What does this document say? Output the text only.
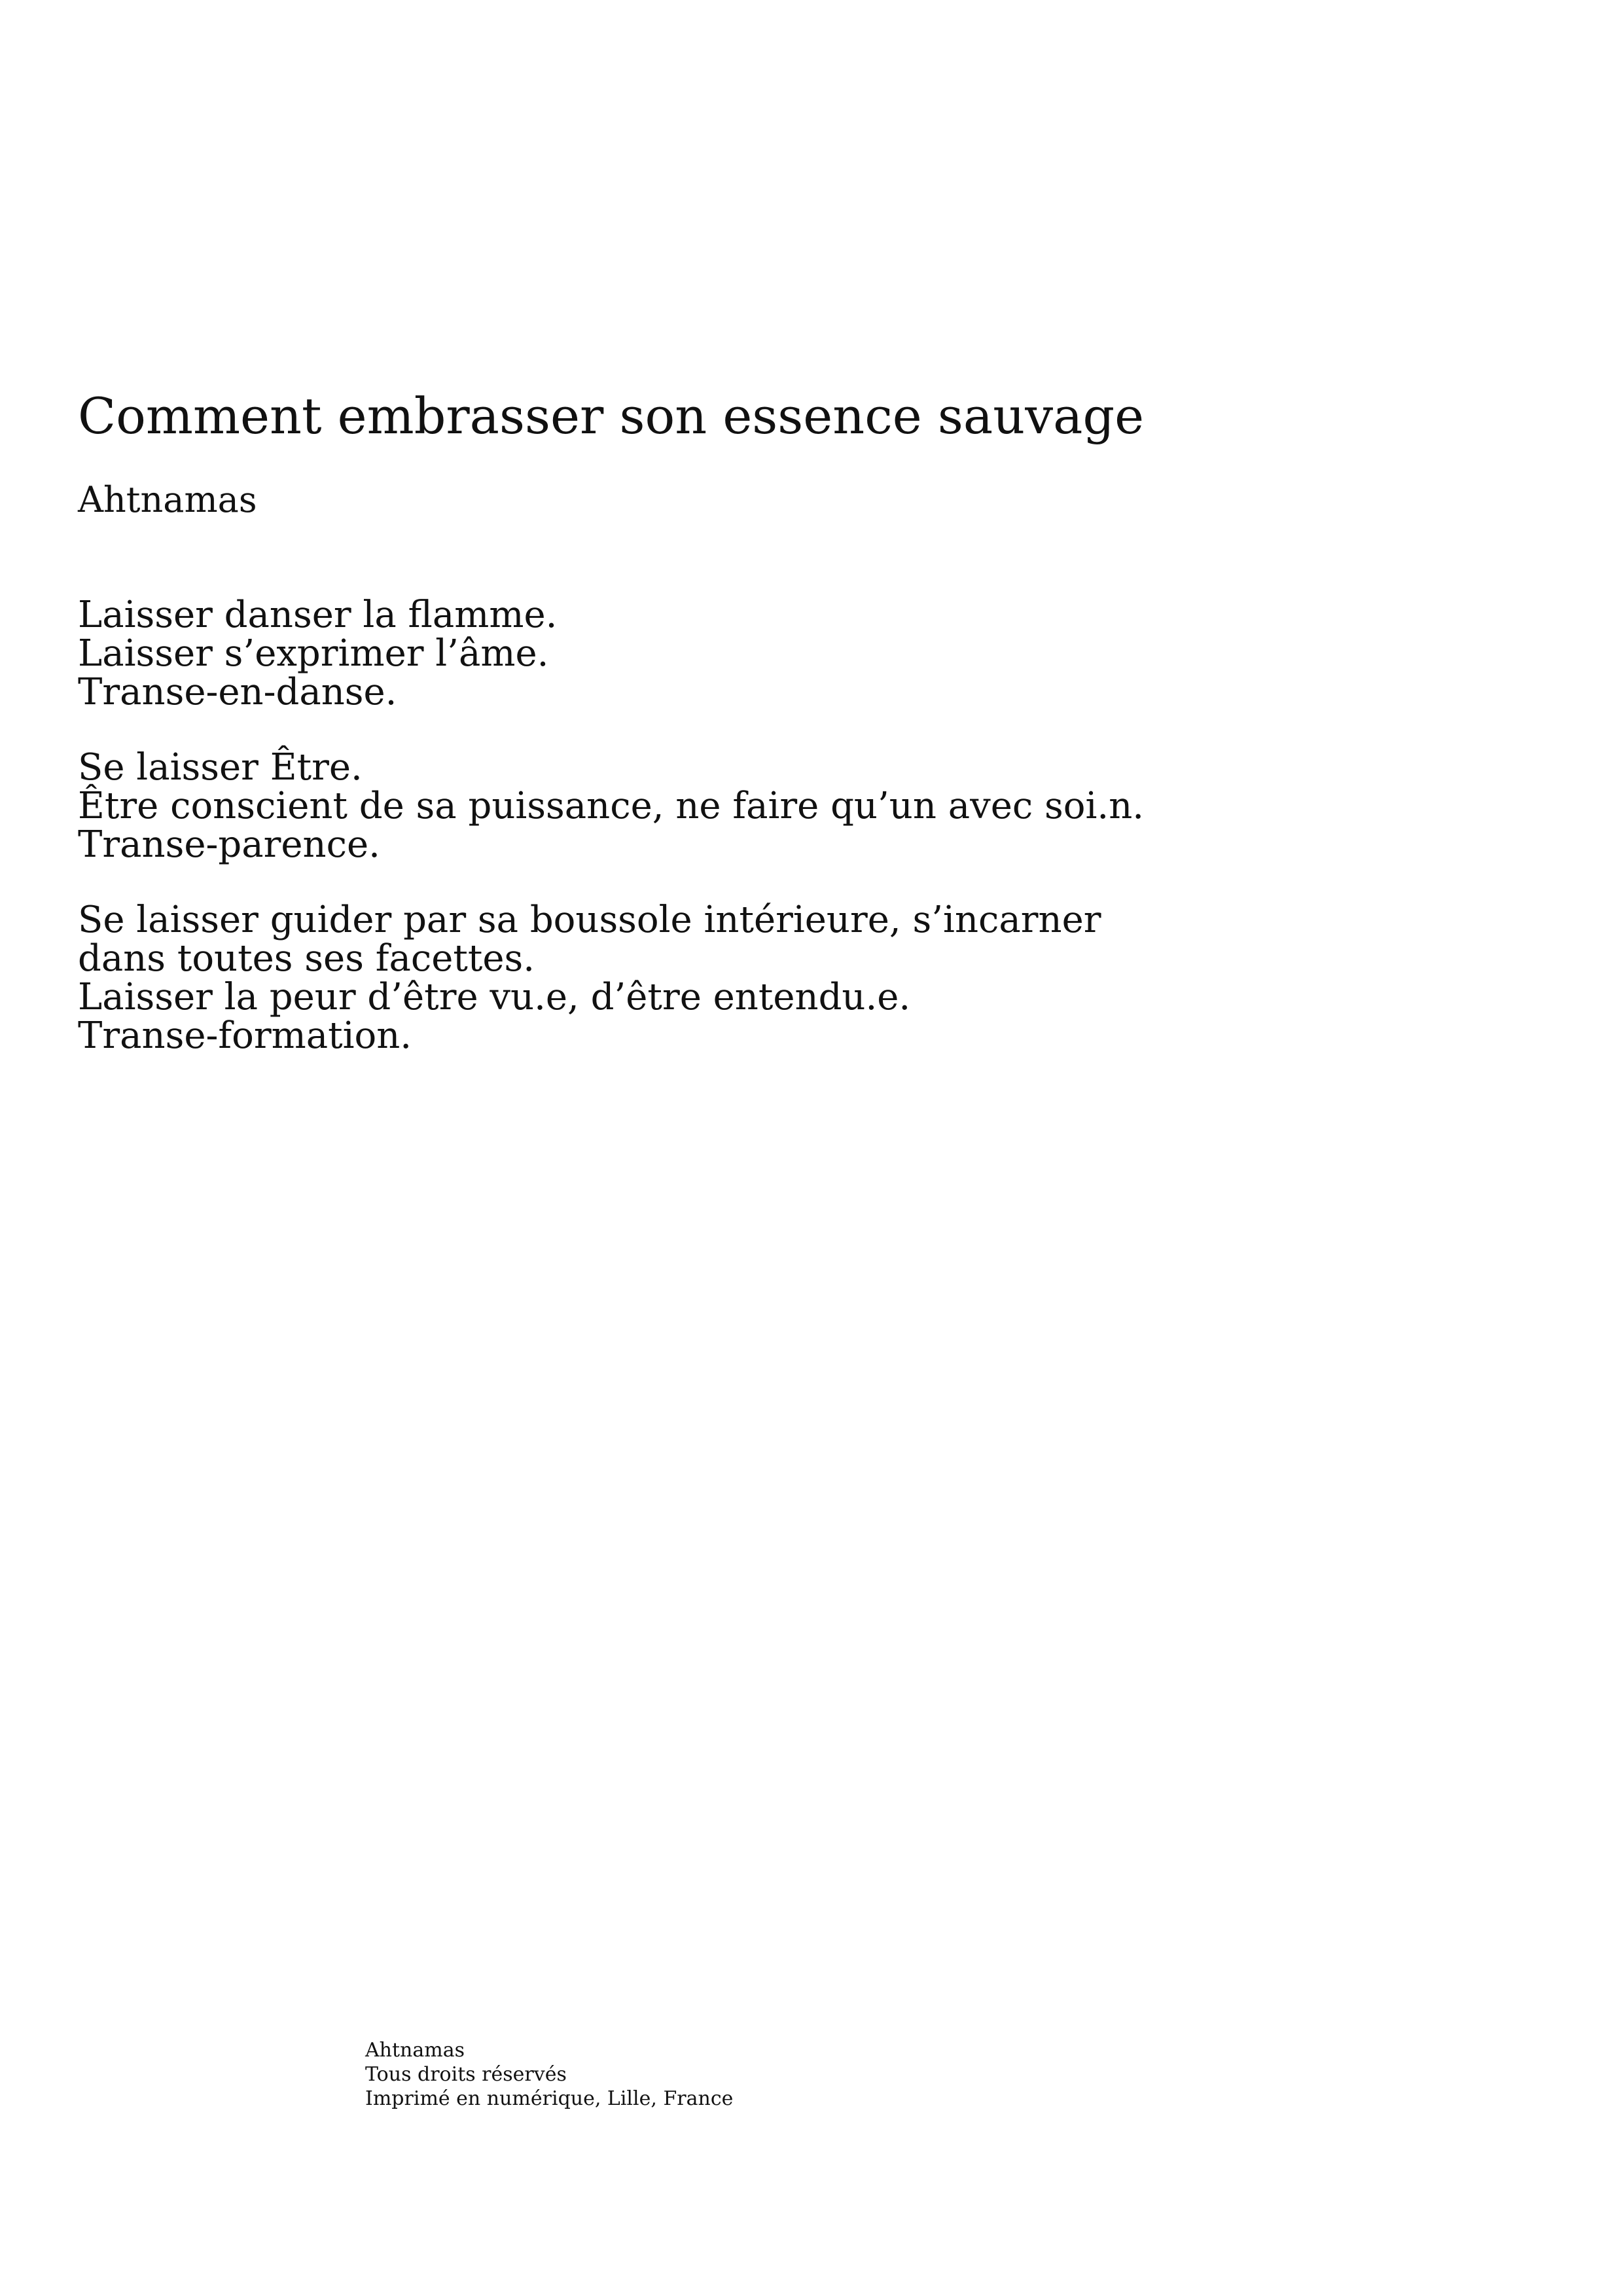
Comment embrasser son essence sauvage
Ahtnamas
Laisser danser la flamme.
Laisser s’exprimer l’âme.
Transe-en-danse.
Se laisser Être.
Être conscient de sa puissance, ne faire qu’un avec soi.n.
Transe-parence.
Se laisser guider par sa boussole intérieure, s’incarner
dans toutes ses facettes.
Laisser la peur d’être vu.e, d’être entendu.e.
Transe-formation.
Ahtnamas
Tous droits réservés
Imprimé en numérique, Lille, France
